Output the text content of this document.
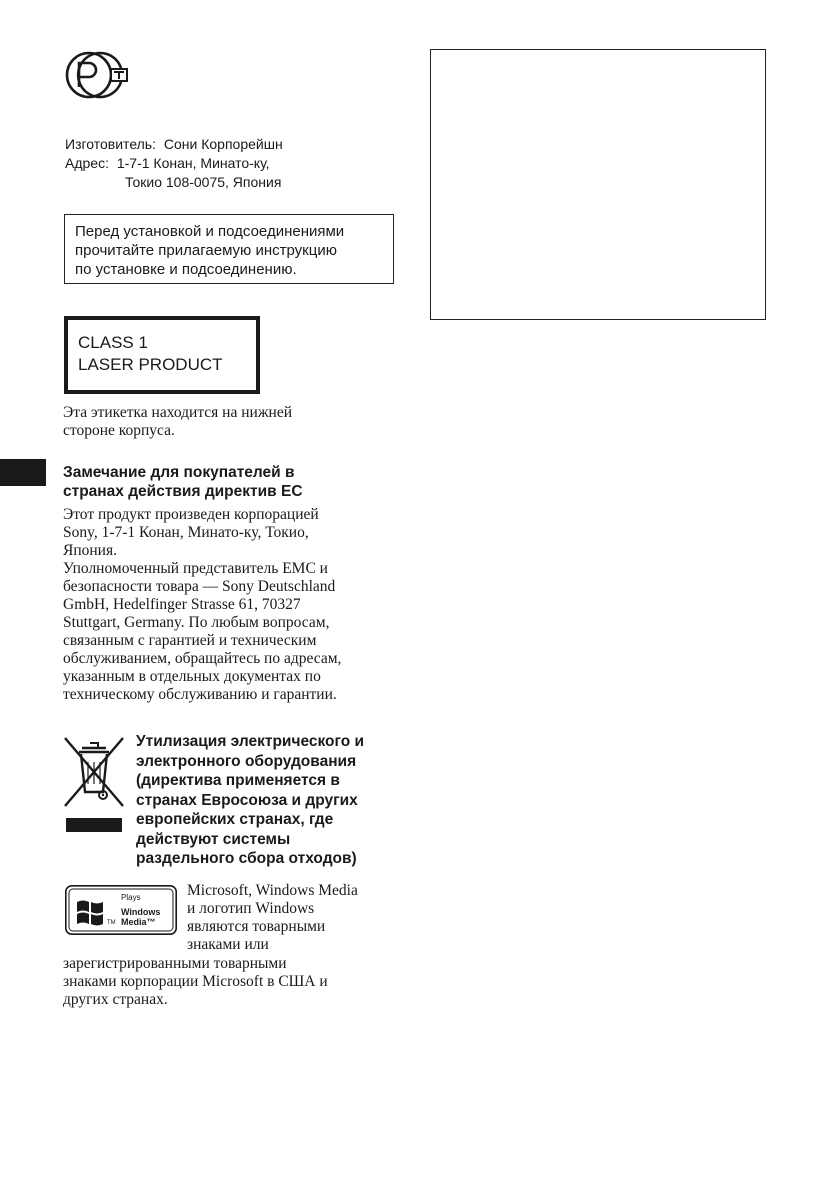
Изготовитель: Сони Корпорейшн
Адрес: 1-7-1 Конан, Минато-ку,
Токио 108-0075, Япония
Перед установкой и подсоединениями
прочитайте прилагаемую инструкцию
по установке и подсоединению.
CLASS 1
LASER PRODUCT
Эта этикетка находится на нижней
стороне корпуса.
Замечание для покупателей в
странах действия директив ЕС
Этот продукт произведен корпорацией
Sony, 1-7-1 Конан, Минато-ку, Токио,
Япония.
Уполномоченный представитель EMC и
безопасности товара — Sony Deutschland
GmbH, Hedelfinger Strasse 61, 70327
Stuttgart, Germany. По любым вопросам,
связанным с гарантией и техническим
обслуживанием, обращайтесь по адресам,
указанным в отдельных документах по
техническому обслуживанию и гарантии.
Утилизация электрического и
электронного оборудования
(директива применяется в
странах Евросоюза и других
европейских странах, где
действуют системы
раздельного сбора отходов)
Plays
Windows
Media™
TM
Microsoft, Windows Media
и логотип Windows
являются товарными
знаками или
зарегистрированными товарными
знаками корпорации Microsoft в США и
других странах.
